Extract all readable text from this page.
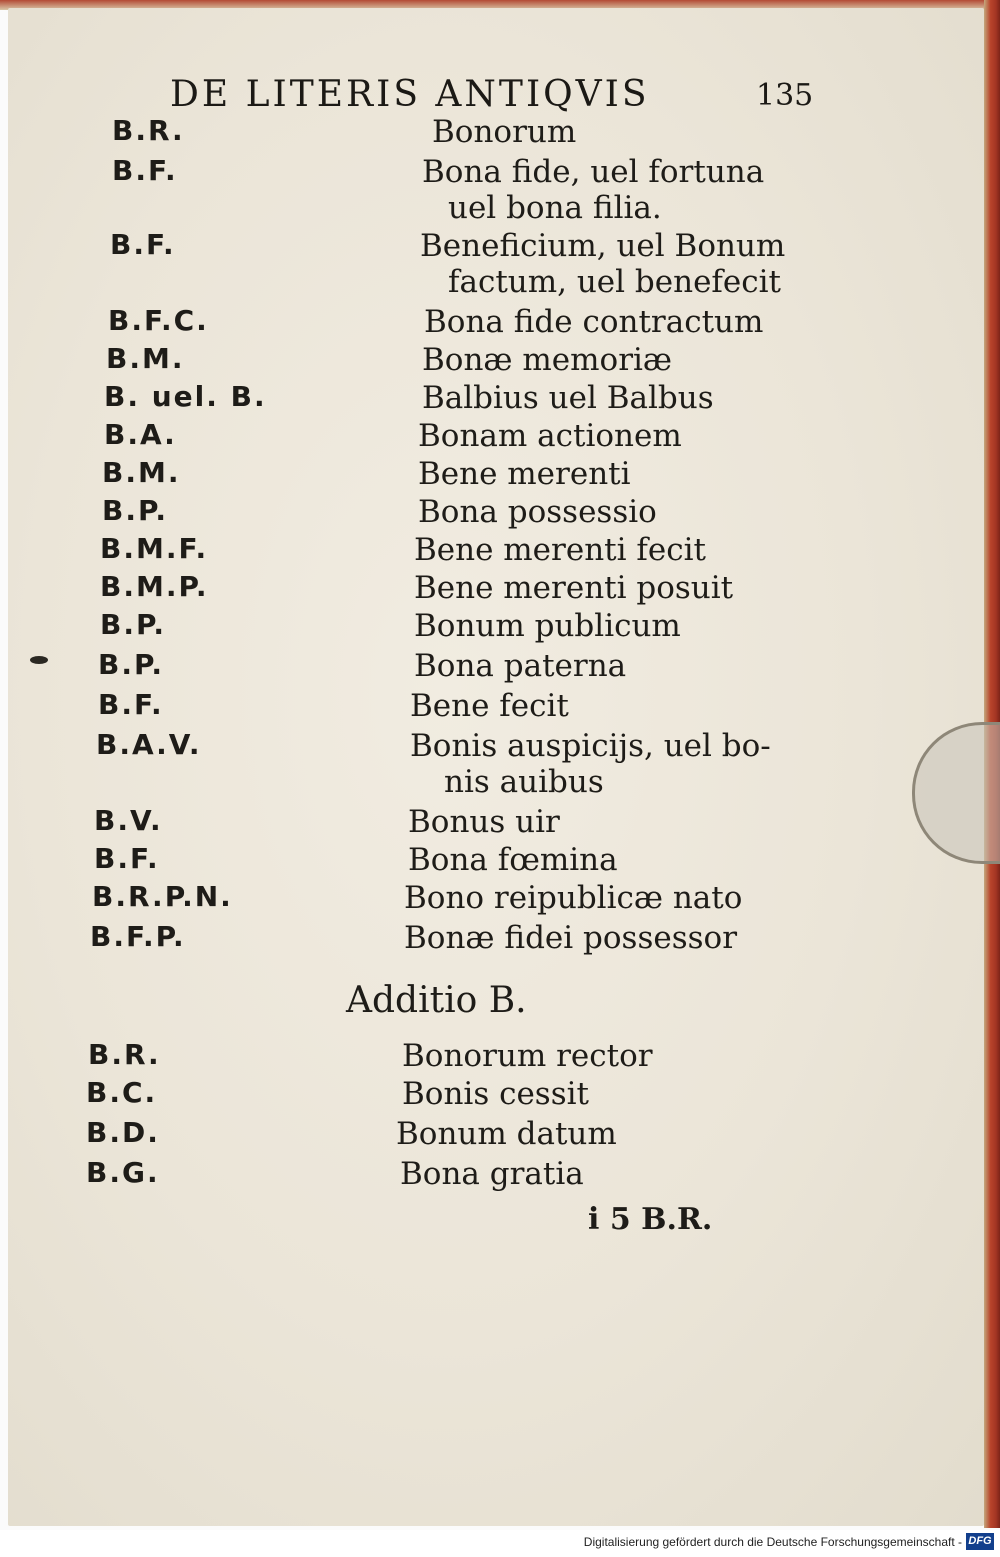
DE LITERIS ANTIQVIS	135
B.R.	Bonorum
B.F.	Bona fide, uel fortuna
uel bona filia.
B.F.	Beneficium, uel Bonum
factum, uel benefecit
B.F.C.	Bona fide contractum
B.M.	Bonæ memoriæ
B. uel. B.	Balbius uel Balbus
B.A.	Bonam actionem
B.M.	Bene merenti
B.P.	Bona possessio
B.M.F.	Bene merenti fecit
B.M.P.	Bene merenti posuit
B.P.	Bonum publicum
B.P.	Bona paterna
B.F.	Bene fecit
B.A.V.	Bonis auspicijs, uel bo-
nis auibus
B.V.	Bonus uir
B.F.	Bona fœmina
B.R.P.N.	Bono reipublicæ nato
B.F.P.	Bonæ fidei possessor
Additio B.
B.R.	Bonorum rector
B.C.	Bonis cessit
B.D.	Bonum datum
B.G.	Bona gratia
i 5 B.R.
Digitalisierung gefördert durch die Deutsche Forschungsgemeinschaft - DFG
